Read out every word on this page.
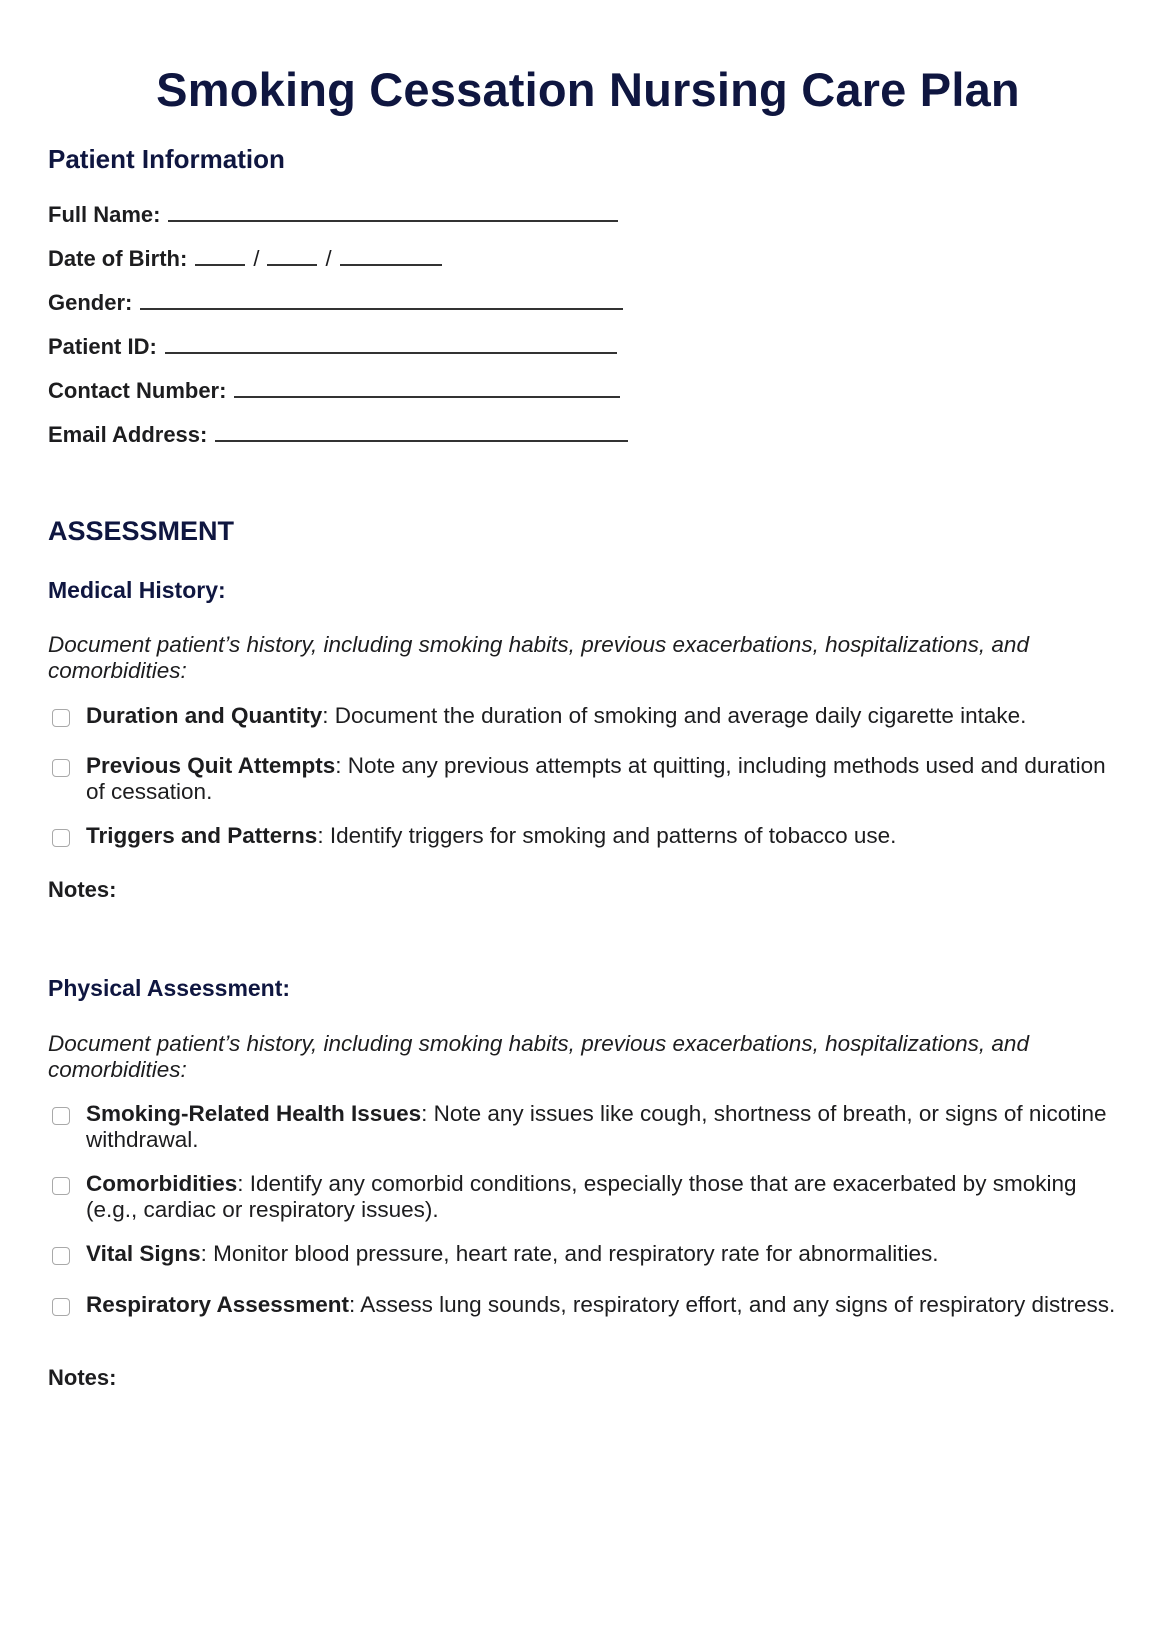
Smoking Cessation Nursing Care Plan
Patient Information
Full Name:
Date of Birth:	/	/
Gender:
Patient ID:
Contact Number:
Email Address:
ASSESSMENT
Medical History:
Document patient’s history, including smoking habits, previous exacerbations, hospitalizations, and comorbidities:
Duration and Quantity: Document the duration of smoking and average daily cigarette intake.
Previous Quit Attempts: Note any previous attempts at quitting, including methods used and duration of cessation.
Triggers and Patterns: Identify triggers for smoking and patterns of tobacco use.
Notes:
Physical Assessment:
Document patient’s history, including smoking habits, previous exacerbations, hospitalizations, and comorbidities:
Smoking-Related Health Issues: Note any issues like cough, shortness of breath, or signs of nicotine withdrawal.
Comorbidities: Identify any comorbid conditions, especially those that are exacerbated by smoking (e.g., cardiac or respiratory issues).
Vital Signs: Monitor blood pressure, heart rate, and respiratory rate for abnormalities.
Respiratory Assessment: Assess lung sounds, respiratory effort, and any signs of respiratory distress.
Notes:
